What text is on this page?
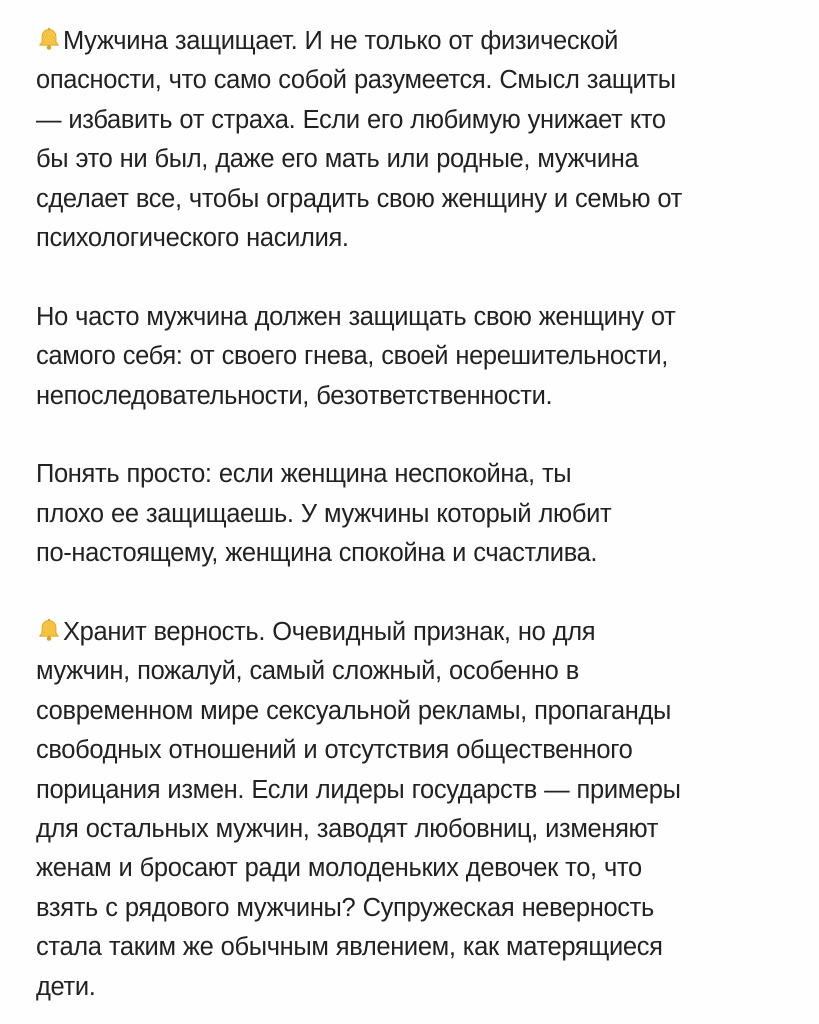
Мужчина защищает. И не только от физической
опасности, что само собой разумеется. Смысл защиты
— избавить от страха. Если его любимую унижает кто
бы это ни был, даже его мать или родные, мужчина
сделает все, чтобы оградить свою женщину и семью от
психологического насилия.

Но часто мужчина должен защищать свою женщину от
самого себя: от своего гнева, своей нерешительности,
непоследовательности, безответственности.

Понять просто: если женщина неспокойна, ты
плохо ее защищаешь. У мужчины который любит
по-настоящему, женщина спокойна и счастлива.

Хранит верность. Очевидный признак, но для
мужчин, пожалуй, самый сложный, особенно в
современном мире сексуальной рекламы, пропаганды
свободных отношений и отсутствия общественного
порицания измен. Если лидеры государств — примеры
для остальных мужчин, заводят любовниц, изменяют
женам и бросают ради молоденьких девочек то, что
взять с рядового мужчины? Супружеская неверность
стала таким же обычным явлением, как матерящиеся
дети.
